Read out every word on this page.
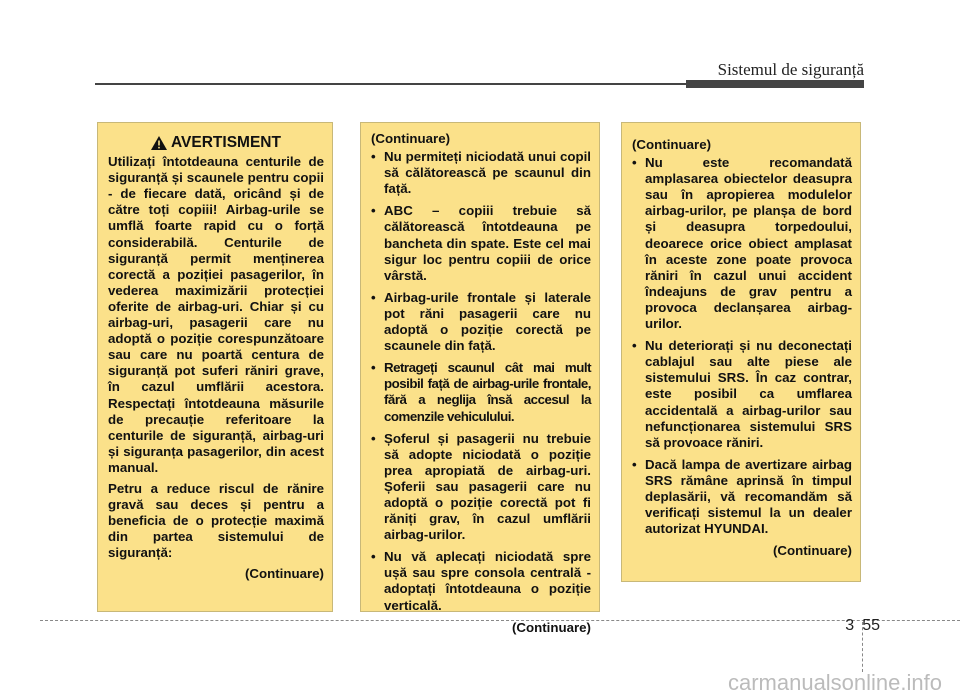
Sistemul de siguranță
AVERTISMENT

Utilizați întotdeauna centurile de siguranță și scaunele pentru copii - de fiecare dată, oricând și de către toți copiii! Airbag-urile se umflă foarte rapid cu o forță considerabilă. Centurile de siguranță permit menținerea corectă a poziției pasagerilor, în vederea maximizării protecției oferite de airbag-uri. Chiar și cu airbag-uri, pasagerii care nu adoptă o poziție corespunzătoare sau care nu poartă centura de siguranță pot suferi răniri grave, în cazul umflării acestora. Respectați întotdeauna măsurile de precauție referitoare la centurile de siguranță, airbag-uri și siguranța pasagerilor, din acest manual.

Petru a reduce riscul de rănire gravă sau deces și pentru a beneficia de o protecție maximă din partea sistemului de siguranță:

(Continuare)
(Continuare)
• Nu permiteți niciodată unui copil să călătorească pe scaunul din față.
• ABC – copiii trebuie să călătorească întotdeauna pe bancheta din spate. Este cel mai sigur loc pentru copiii de orice vârstă.
• Airbag-urile frontale și laterale pot răni pasagerii care nu adoptă o poziție corectă pe scaunele din față.
• Retrageți scaunul cât mai mult posibil față de airbag-urile frontale, fără a neglija însă accesul la comenzile vehiculului.
• Șoferul și pasagerii nu trebuie să adopte niciodată o poziție prea apropiată de airbag-uri. Șoferii sau pasagerii care nu adoptă o poziție corectă pot fi răniți grav, în cazul umflării airbag-urilor.
• Nu vă aplecați niciodată spre ușă sau spre consola centrală - adoptați întotdeauna o poziție verticală.
(Continuare)
(Continuare)
• Nu este recomandată amplasarea obiectelor deasupra sau în apropierea modulelor airbag-urilor, pe planșa de bord și deasupra torpedoului, deoarece orice obiect amplasat în aceste zone poate provoca răniri în cazul unui accident îndeajuns de grav pentru a provoca declanșarea airbag-urilor.
• Nu deteriorați și nu deconectați cablajul sau alte piese ale sistemului SRS. În caz contrar, este posibil ca umflarea accidentală a airbag-urilor sau nefuncționarea sistemului SRS să provoace răniri.
• Dacă lampa de avertizare airbag SRS rămâne aprinsă în timpul deplasării, vă recomandăm să verificați sistemul la un dealer autorizat HYUNDAI.
(Continuare)
3 55
carmanualsonline.info
